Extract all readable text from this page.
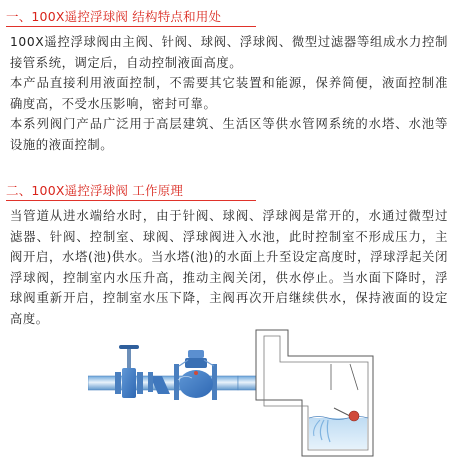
一、100X遥控浮球阀 结构特点和用处

100X遥控浮球阀由主阀、针阀、球阀、浮球阀、微型过滤器等组成水力控制接管系统，调定后，自动控制液面高度。

本产品直接利用液面控制，不需要其它装置和能源，保养简便，液面控制准确度高，不受水压影响，密封可靠。

本系列阀门产品广泛用于高层建筑、生活区等供水管网系统的水塔、水池等设施的液面控制。

二、100X遥控浮球阀 工作原理

当管道从进水端给水时，由于针阀、球阀、浮球阀是常开的，水通过微型过滤器、针阀、控制室、球阀、浮球阀进入水池，此时控制室不形成压力，主阀开启，水塔(池)供水。当水塔(池)的水面上升至设定高度时，浮球浮起关闭浮球阀，控制室内水压升高，推动主阀关闭，供水停止。当水面下降时，浮球阀重新开启，控制室水压下降，主阀再次开启继续供水，保持液面的设定高度。
